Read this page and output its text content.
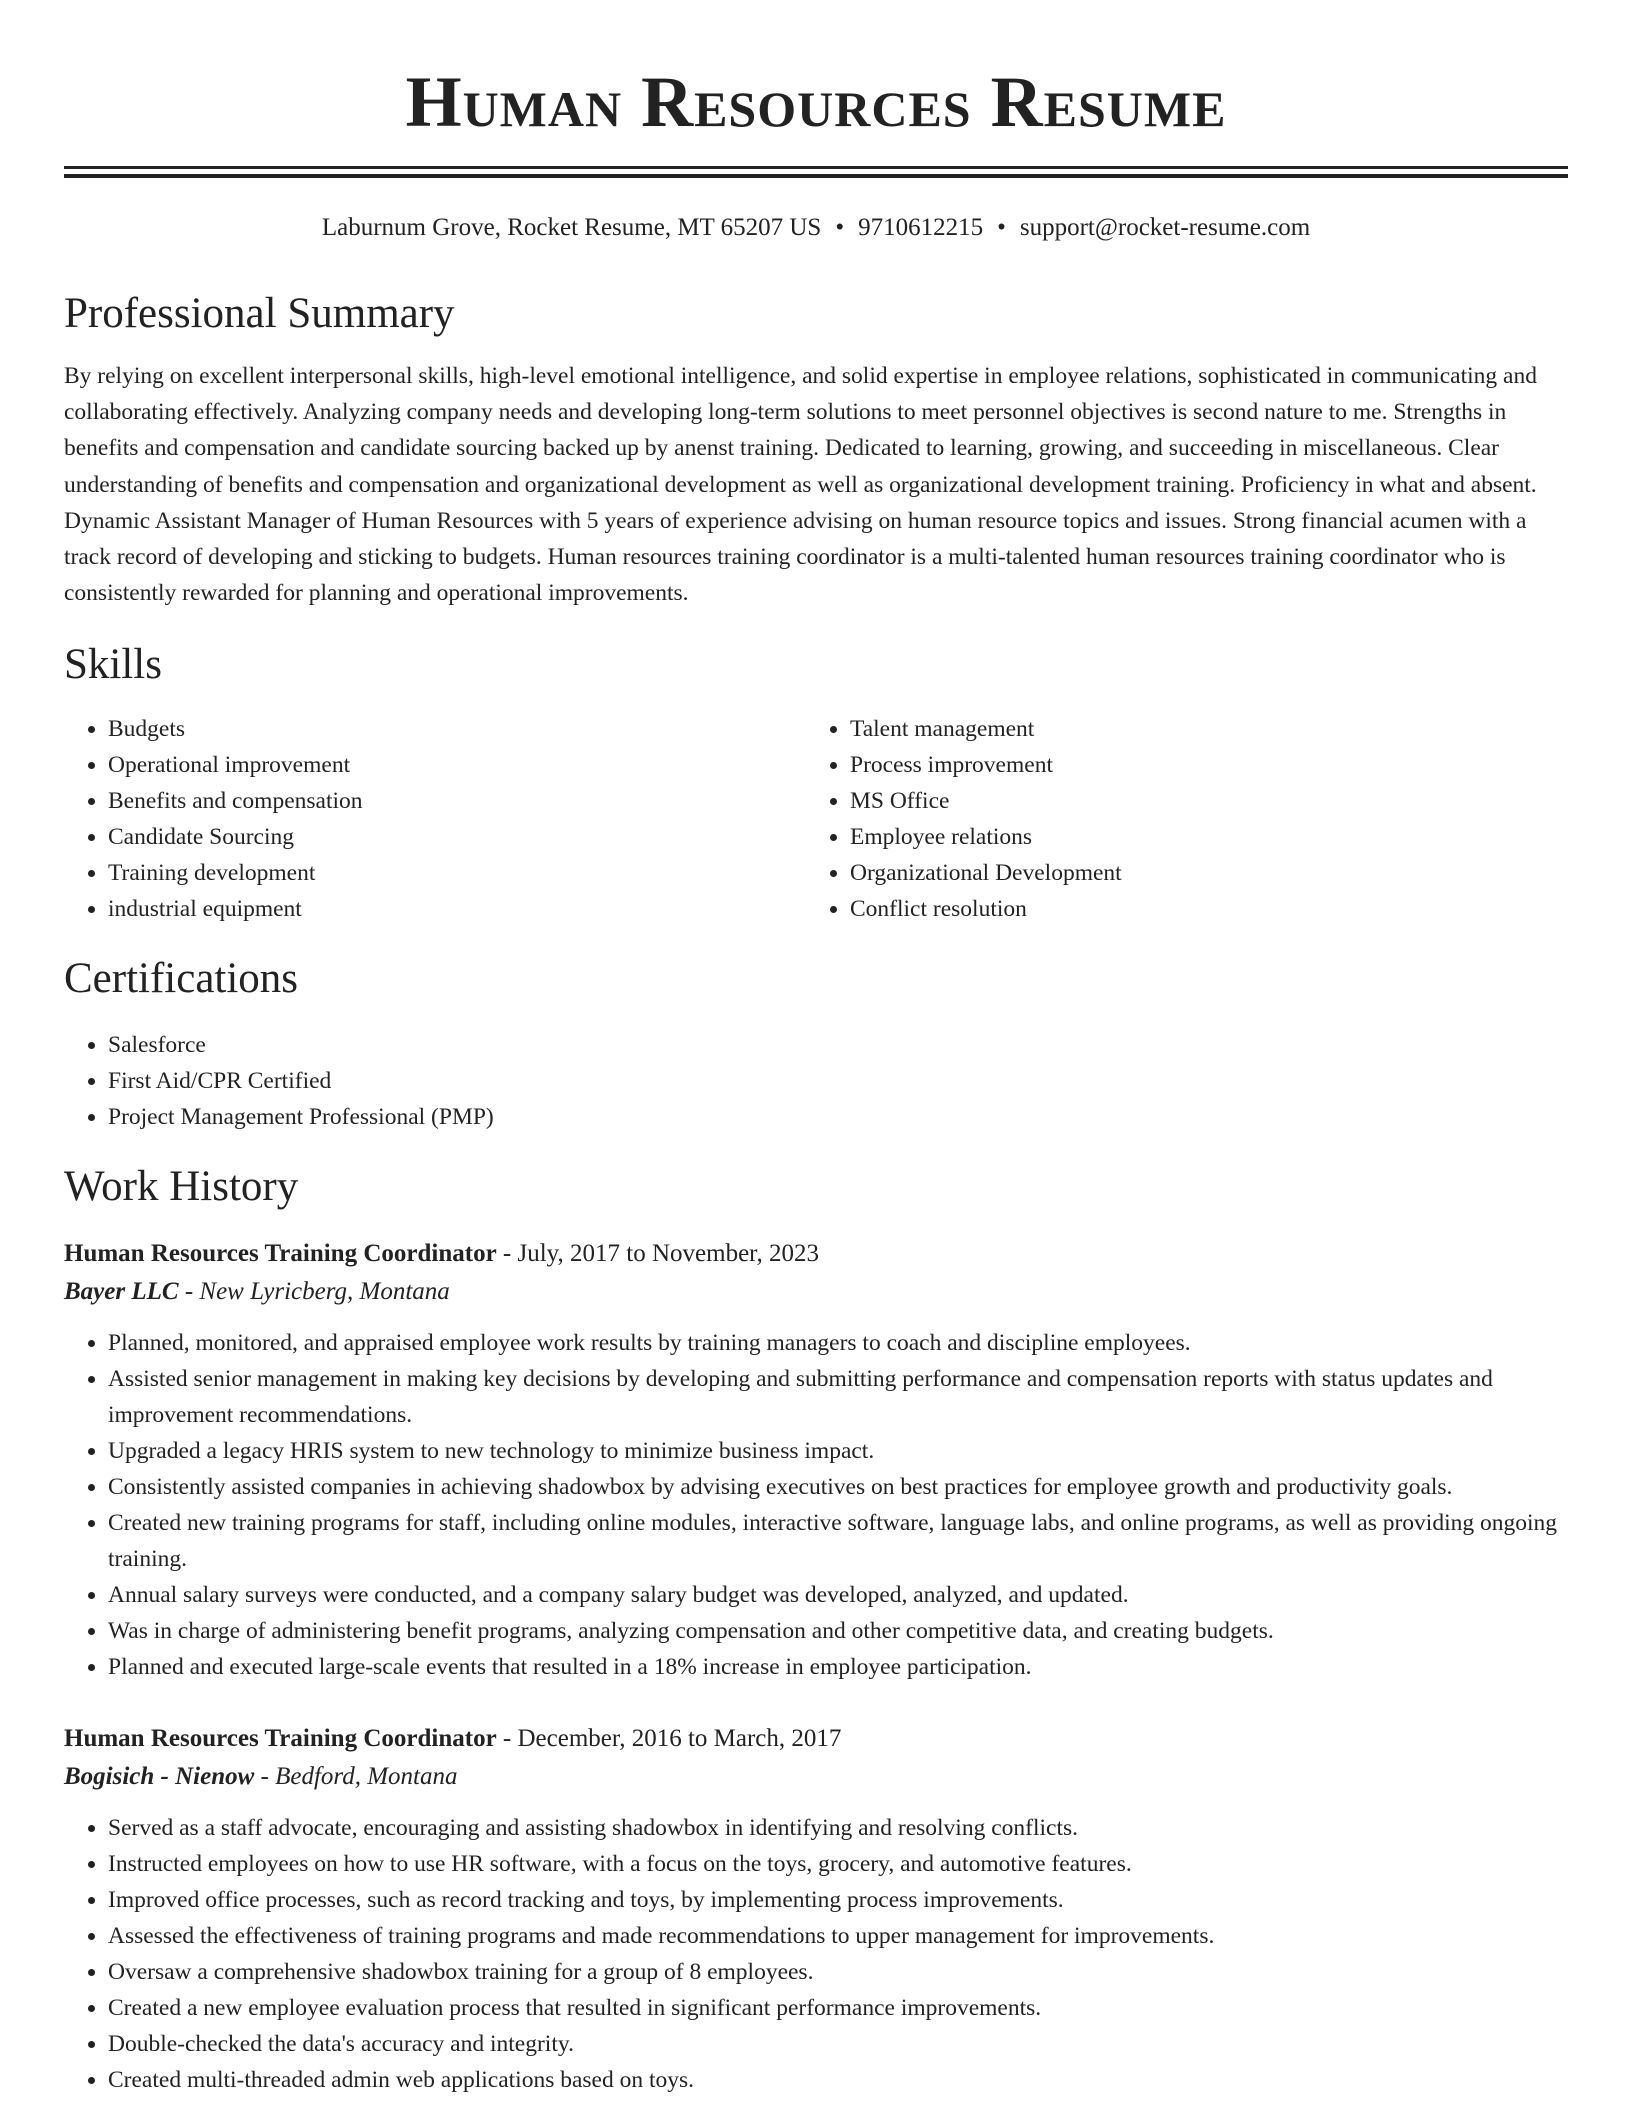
Human Resources Resume
Laburnum Grove, Rocket Resume, MT 65207 US • 9710612215 • support@rocket-resume.com
Professional Summary

By relying on excellent interpersonal skills, high-level emotional intelligence, and solid expertise in employee relations, sophisticated in communicating and collaborating effectively. Analyzing company needs and developing long-term solutions to meet personnel objectives is second nature to me. Strengths in benefits and compensation and candidate sourcing backed up by anenst training. Dedicated to learning, growing, and succeeding in miscellaneous. Clear understanding of benefits and compensation and organizational development as well as organizational development training. Proficiency in what and absent. Dynamic Assistant Manager of Human Resources with 5 years of experience advising on human resource topics and issues. Strong financial acumen with a track record of developing and sticking to budgets. Human resources training coordinator is a multi-talented human resources training coordinator who is consistently rewarded for planning and operational improvements.

Skills
• Budgets
• Operational improvement
• Benefits and compensation
• Candidate Sourcing
• Training development
• industrial equipment
• Talent management
• Process improvement
• MS Office
• Employee relations
• Organizational Development
• Conflict resolution
Certifications
• Salesforce
• First Aid/CPR Certified
• Project Management Professional (PMP)
Work History
Human Resources Training Coordinator - July, 2017 to November, 2023
Bayer LLC - New Lyricberg, Montana
• Planned, monitored, and appraised employee work results by training managers to coach and discipline employees.
• Assisted senior management in making key decisions by developing and submitting performance and compensation reports with status updates and improvement recommendations.
• Upgraded a legacy HRIS system to new technology to minimize business impact.
• Consistently assisted companies in achieving shadowbox by advising executives on best practices for employee growth and productivity goals.
• Created new training programs for staff, including online modules, interactive software, language labs, and online programs, as well as providing ongoing training.
• Annual salary surveys were conducted, and a company salary budget was developed, analyzed, and updated.
• Was in charge of administering benefit programs, analyzing compensation and other competitive data, and creating budgets.
• Planned and executed large-scale events that resulted in a 18% increase in employee participation.
Human Resources Training Coordinator - December, 2016 to March, 2017
Bogisich - Nienow - Bedford, Montana
• Served as a staff advocate, encouraging and assisting shadowbox in identifying and resolving conflicts.
• Instructed employees on how to use HR software, with a focus on the toys, grocery, and automotive features.
• Improved office processes, such as record tracking and toys, by implementing process improvements.
• Assessed the effectiveness of training programs and made recommendations to upper management for improvements.
• Oversaw a comprehensive shadowbox training for a group of 8 employees.
• Created a new employee evaluation process that resulted in significant performance improvements.
• Double-checked the data's accuracy and integrity.
• Created multi-threaded admin web applications based on toys.
